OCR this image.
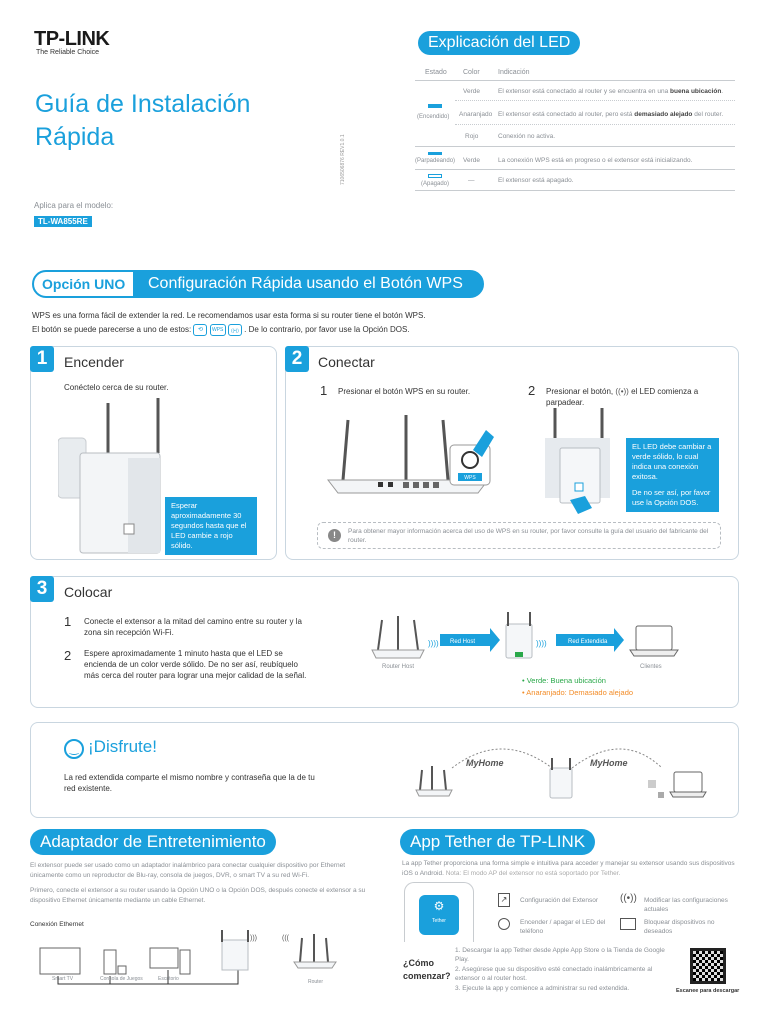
TP-LINK
The Reliable Choice
Guía de Instalación
Rápida
Aplica para el modelo:
TL-WA855RE
7106506876 REV1.0.1
Explicación del LED
Estado Color	Indicación
(Encendido)
Verde	El extensor está conectado al router y se encuentra en una buena ubicación.
Anaranjado El extensor está conectado al router, pero está demasiado alejado del router.
Rojo	Conexión no activa.
(Parpadeando) Verde	La conexión WPS está en progreso o el extensor está inicializando.
(Apagado)	—	El extensor está apagado.
Opción UNO	Configuración Rápida usando el Botón WPS
WPS es una forma fácil de extender la red. Le recomendamos usar esta forma si su router tiene el botón WPS.
El botón se puede parecerse a uno de estos: ⟲ WPS ((•)) . De lo contrario, por favor use la Opción DOS.
1	Encender
Conéctelo cerca de su router.
Esperar aproximadamente 30 segundos hasta que el LED cambie a rojo sólido.
2	Conectar
1 Presionar el botón WPS en su router.	2 Presionar el botón, ((•)) el LED comienza a parpadear.
WPS
EL LED debe cambiar a verde sólido, lo cual indica una conexión exitosa.
De no ser así, por favor use la Opción DOS.
!	Para obtener mayor información acerca del uso de WPS en su router, por favor consulte la guía del usuario del fabricante del router.
3	Colocar
1 Conecte el extensor a la mitad del camino entre su router y la zona sin recepción Wi-Fi.
2 Espere aproximadamente 1 minuto hasta que el LED se encienda de un color verde sólido. De no ser así, reubíquelo más cerca del router para lograr una mejor calidad de la señal.
))))	))))
Red Host	Red Extendida
Router Host	Clientes
• Verde: Buena ubicación
• Anaranjado: Demasiado alejado
‿ ¡Disfrute!
La red extendida comparte el mismo nombre y contraseña que la de tu red existente.
MyHome	MyHome
Adaptador de Entretenimiento
El extensor puede ser usado como un adaptador inalámbrico para conectar cualquier dispositivo por Ethernet únicamente como un reproductor de Blu-ray, consola de juegos, DVR, o smart TV a su red Wi-Fi.
Primero, conecte el extensor a su router usando la Opción UNO o la Opción DOS, después conecte el extensor a su dispositivo Ethernet únicamente mediante un cable Ethernet.
Conexión Ethernet
)))	(((
Smart TV	Consola de Juegos	Escritorio	Router
App Tether de TP-LINK
La app Tether proporciona una forma simple e intuitiva para acceder y manejar su extensor usando sus dispositivos iOS o Android. Nota: El modo AP del extensor no está soportado por Tether.
⚙
Tether
↗	Configuración del Extensor ((•)) Modificar las configuraciones actuales
Encender / apagar el LED del teléfono
Bloquear dispositivos no deseados
¿Cómo comenzar?
1. Descargar la app Tether desde Apple App Store o la Tienda de Google Play.
2. Asegúrese que su dispositivo esté conectado inalámbricamente al extensor o al router host.
3. Ejecute la app y comience a administrar su red extendida.	Escanee para descargar
